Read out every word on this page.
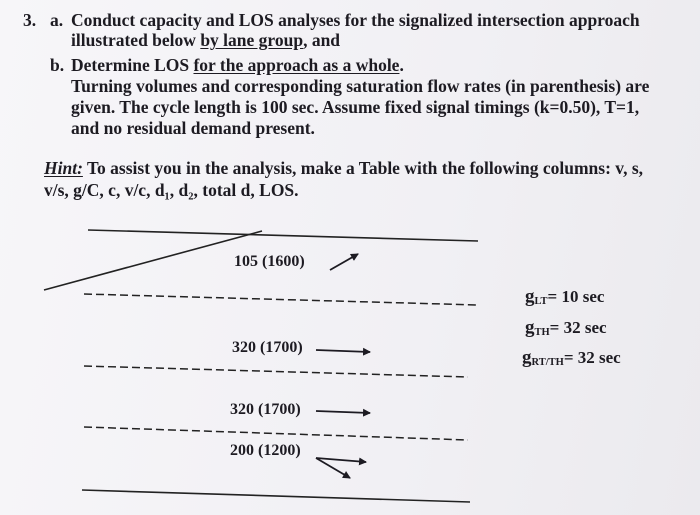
3. a. Conduct capacity and LOS analyses for the signalized intersection approach
illustrated below by lane group, and
b. Determine LOS for the approach as a whole.
Turning volumes and corresponding saturation flow rates (in parenthesis) are
given. The cycle length is 100 sec. Assume fixed signal timings (k=0.50), T=1,
and no residual demand present.
Hint: To assist you in the analysis, make a Table with the following columns: v, s,
v/s, g/C, c, v/c, d₁, d₂, total d, LOS.
105 (1600)
320 (1700)
320 (1700)
200 (1200)
gLT= 10 sec
gTH= 32 sec
gRT/TH= 32 sec
